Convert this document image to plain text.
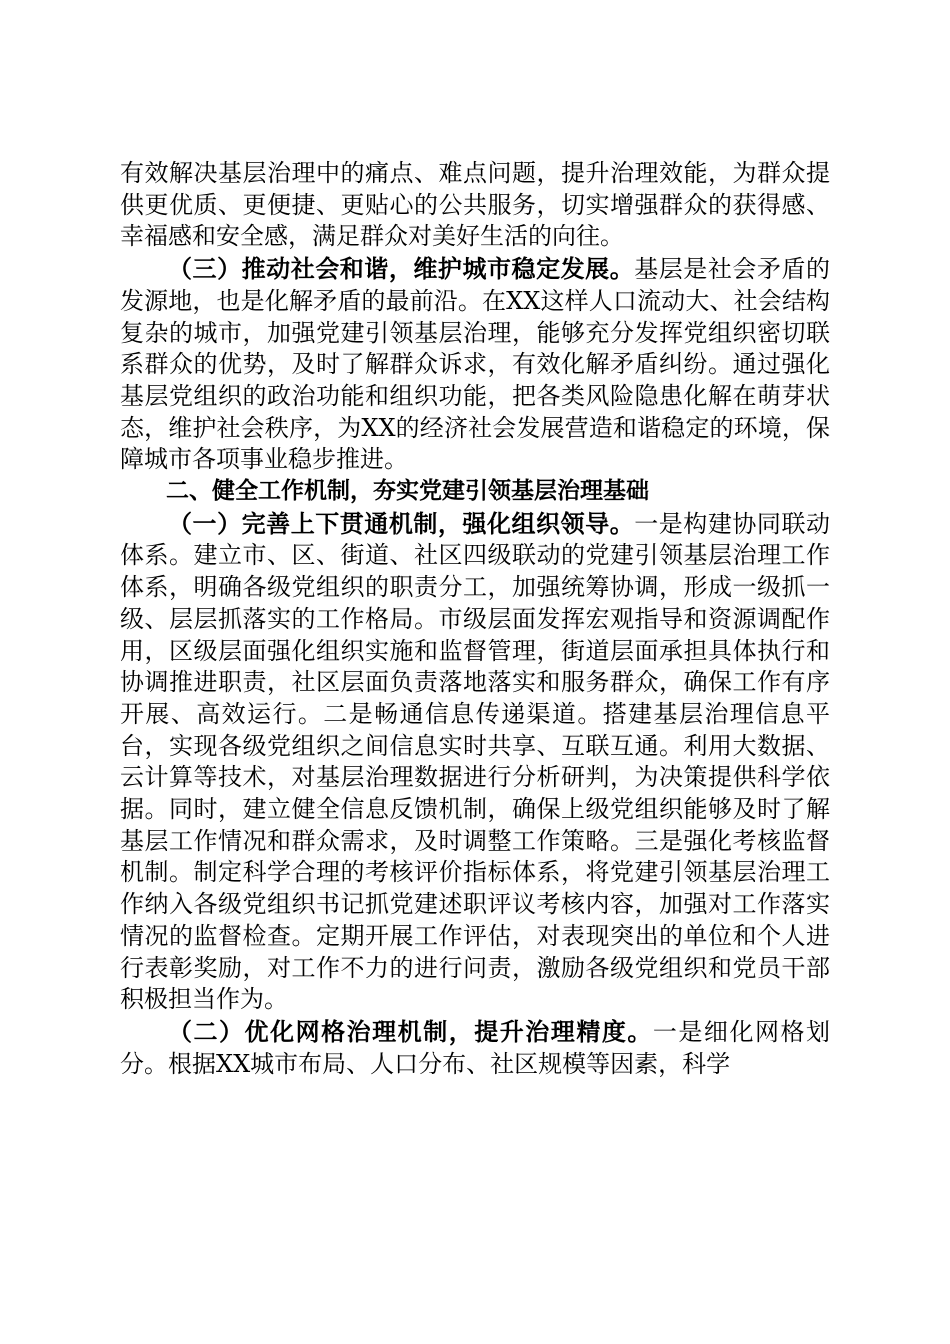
有效解决基层治理中的痛点、难点问题，提升治理效能，为群众提供更优质、更便捷、更贴心的公共服务，切实增强群众的获得感、幸福感和安全感，满足群众对美好生活的向往。

（三）推动社会和谐，维护城市稳定发展。基层是社会矛盾的发源地，也是化解矛盾的最前沿。在XX这样人口流动大、社会结构复杂的城市，加强党建引领基层治理，能够充分发挥党组织密切联系群众的优势，及时了解群众诉求，有效化解矛盾纠纷。通过强化基层党组织的政治功能和组织功能，把各类风险隐患化解在萌芽状态，维护社会秩序，为XX的经济社会发展营造和谐稳定的环境，保障城市各项事业稳步推进。

二、健全工作机制，夯实党建引领基层治理基础

（一）完善上下贯通机制，强化组织领导。一是构建协同联动体系。建立市、区、街道、社区四级联动的党建引领基层治理工作体系，明确各级党组织的职责分工，加强统筹协调，形成一级抓一级、层层抓落实的工作格局。市级层面发挥宏观指导和资源调配作用，区级层面强化组织实施和监督管理，街道层面承担具体执行和协调推进职责，社区层面负责落地落实和服务群众，确保工作有序开展、高效运行。二是畅通信息传递渠道。搭建基层治理信息平台，实现各级党组织之间信息实时共享、互联互通。利用大数据、云计算等技术，对基层治理数据进行分析研判，为决策提供科学依据。同时，建立健全信息反馈机制，确保上级党组织能够及时了解基层工作情况和群众需求，及时调整工作策略。三是强化考核监督机制。制定科学合理的考核评价指标体系，将党建引领基层治理工作纳入各级党组织书记抓党建述职评议考核内容，加强对工作落实情况的监督检查。定期开展工作评估，对表现突出的单位和个人进行表彰奖励，对工作不力的进行问责，激励各级党组织和党员干部积极担当作为。

（二）优化网格治理机制，提升治理精度。一是细化网格划分。根据XX城市布局、人口分布、社区规模等因素，科学
